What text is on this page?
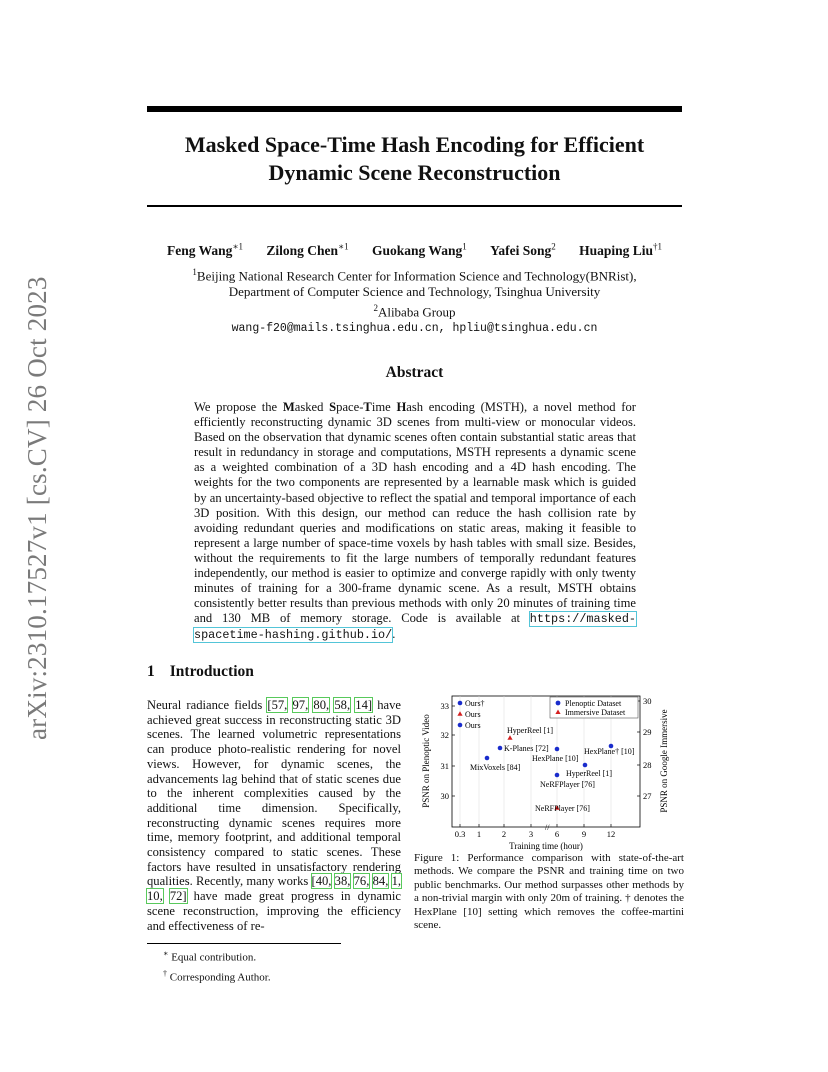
arXiv:2310.17527v1 [cs.CV] 26 Oct 2023
Masked Space-Time Hash Encoding for Efficient
Dynamic Scene Reconstruction
Feng Wang$^{∗1}$ Zilong Chen$^{∗1}$ Guokang Wang$^1$ Yafei Song$^2$ Huaping Liu$^{\dagger 1}$
$^1$Beijing National Research Center for Information Science and Technology(BNRist),
Department of Computer Science and Technology, Tsinghua University
$^2$Alibaba Group
wang-f20@mails.tsinghua.edu.cn, hpliu@tsinghua.edu.cn
Abstract
We propose the Masked Space-Time Hash encoding (MSTH), a novel method for efficiently reconstructing dynamic 3D scenes from multi-view or monocular videos. Based on the observation that dynamic scenes often contain substantial static areas that result in redundancy in storage and computations, MSTH represents a dynamic scene as a weighted combination of a 3D hash encoding and a 4D hash encoding. The weights for the two components are represented by a learnable mask which is guided by an uncertainty-based objective to reflect the spatial and temporal importance of each 3D position. With this design, our method can reduce the hash collision rate by avoiding redundant queries and modifications on static areas, making it feasible to represent a large number of space-time voxels by hash tables with small size. Besides, without the requirements to fit the large numbers of temporally redundant features independently, our method is easier to optimize and converge rapidly with only twenty minutes of training for a 300-frame dynamic scene. As a result, MSTH obtains consistently better results than previous methods with only 20 minutes of training time and 130 MB of memory storage. Code is available at https://masked-spacetime-hashing.github.io/.
1 Introduction
Neural radiance fields [57, 97, 80, 58, 14] have achieved great success in reconstructing static 3D scenes. The learned volumetric representations can produce photo-realistic rendering for novel views. However, for dynamic scenes, the advancements lag behind that of static scenes due to the inherent complexities caused by the additional time dimension. Specifically, reconstructing dynamic scenes requires more time, memory footprint, and additional temporal consistency compared to static scenes. These factors have resulted in unsatisfactory rendering qualities. Recently, many works [40, 38, 76, 84, 1, 10, 72] have made great progress in dynamic scene reconstruction, improving the efficiency and effectiveness of re-
∗ Equal contribution.
† Corresponding Author.
0.3 1 2	3	6	9 12
33
32
31
30
30
29
28
27
//
PSNR on Plenoptic Video	PSNR on Google Immersive
Training time (hour)
Plenoptic Dataset
Immersive Dataset
Ours†
Ours
Ours
HyperReel [1]
K-Planes [72]
HexPlane [10]
HexPlane† [10]
MixVoxels [84]
HyperReel [1]
NeRFPlayer [76]
NeRFPlayer [76]
Figure 1: Performance comparison with state-of-the-art methods. We compare the PSNR and training time on two public benchmarks. Our method surpasses other methods by a non-trivial margin with only 20m of training. † denotes the HexPlane [10] setting which removes the coffee-martini scene.
